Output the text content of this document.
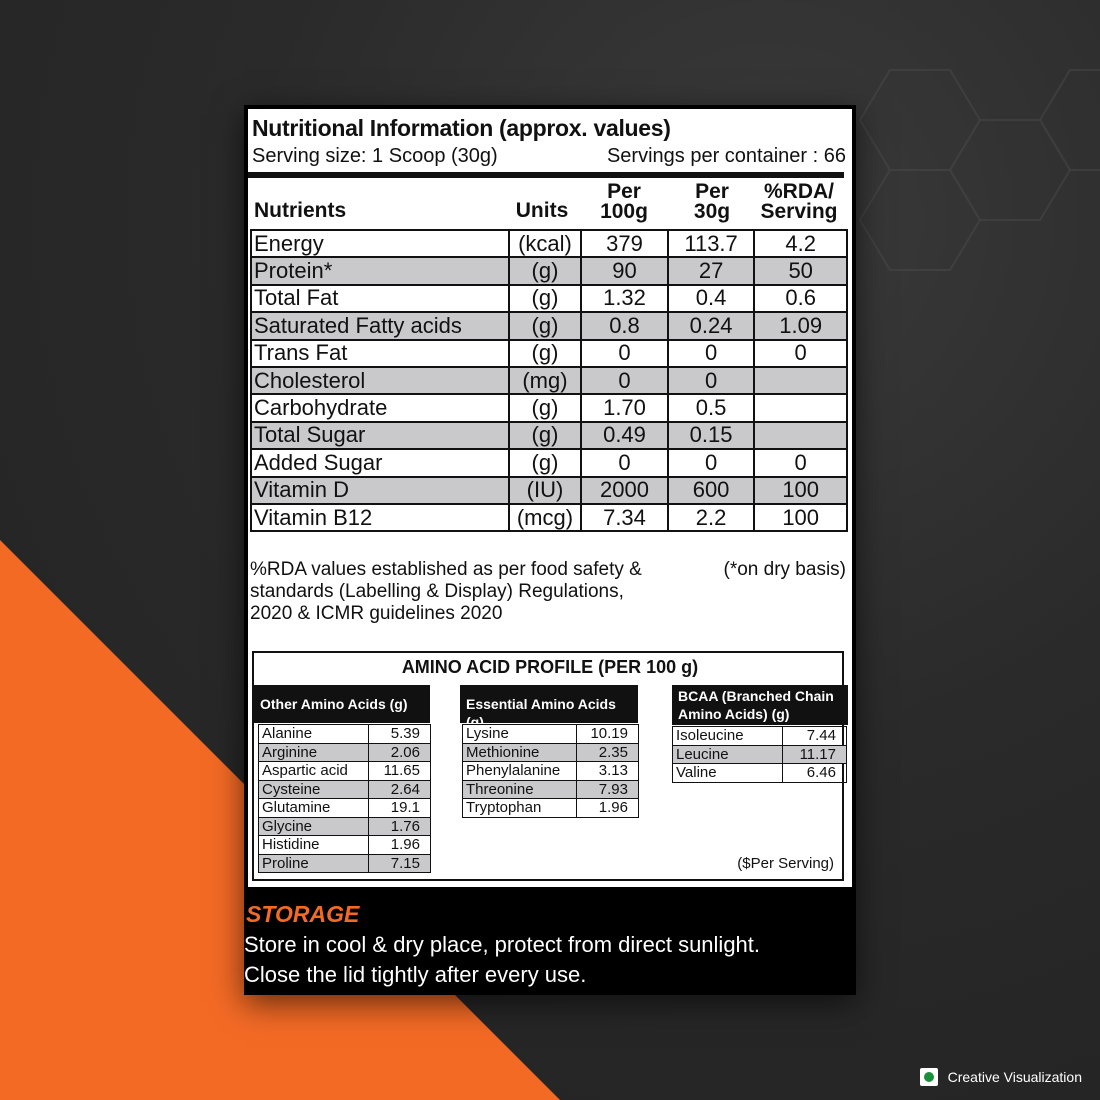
Nutritional Information (approx. values)
Serving size: 1 Scoop (30g)	Servings per container : 66
Nutrients	Units
Per
100g
Per
30g
%RDA/
Serving
Energy	(kcal)	379	113.7	4.2
Protein*	(g)	90	27	50
Total Fat	(g)	1.32	0.4	0.6
Saturated Fatty acids	(g)	0.8	0.24	1.09
Trans Fat	(g)	0	0	0
Cholesterol	(mg)	0	0	
Carbohydrate	(g)	1.70	0.5	
Total Sugar	(g)	0.49	0.15	
Added Sugar	(g)	0	0	0
Vitamin D	(IU)	2000	600	100
Vitamin B12	(mcg)	7.34	2.2	100
%RDA values established as per food safety &
standards (Labelling & Display) Regulations,
2020 & ICMR guidelines 2020
(*on dry basis)
AMINO ACID PROFILE (PER 100 g)
Other Amino Acids (g)
Alanine	5.39
Arginine	2.06
Aspartic acid	11.65
Cysteine	2.64
Glutamine	19.1
Glycine	1.76
Histidine	1.96
Proline	7.15
Essential Amino Acids (g)
Lysine	10.19
Methionine	2.35
Phenylalanine	3.13
Threonine	7.93
Tryptophan	1.96
BCAA (Branched Chain
Amino Acids) (g)
Isoleucine	7.44
Leucine	11.17
Valine	6.46
($Per Serving)
STORAGE
Store in cool & dry place, protect from direct sunlight.
Close the lid tightly after every use.
Creative Visualization
